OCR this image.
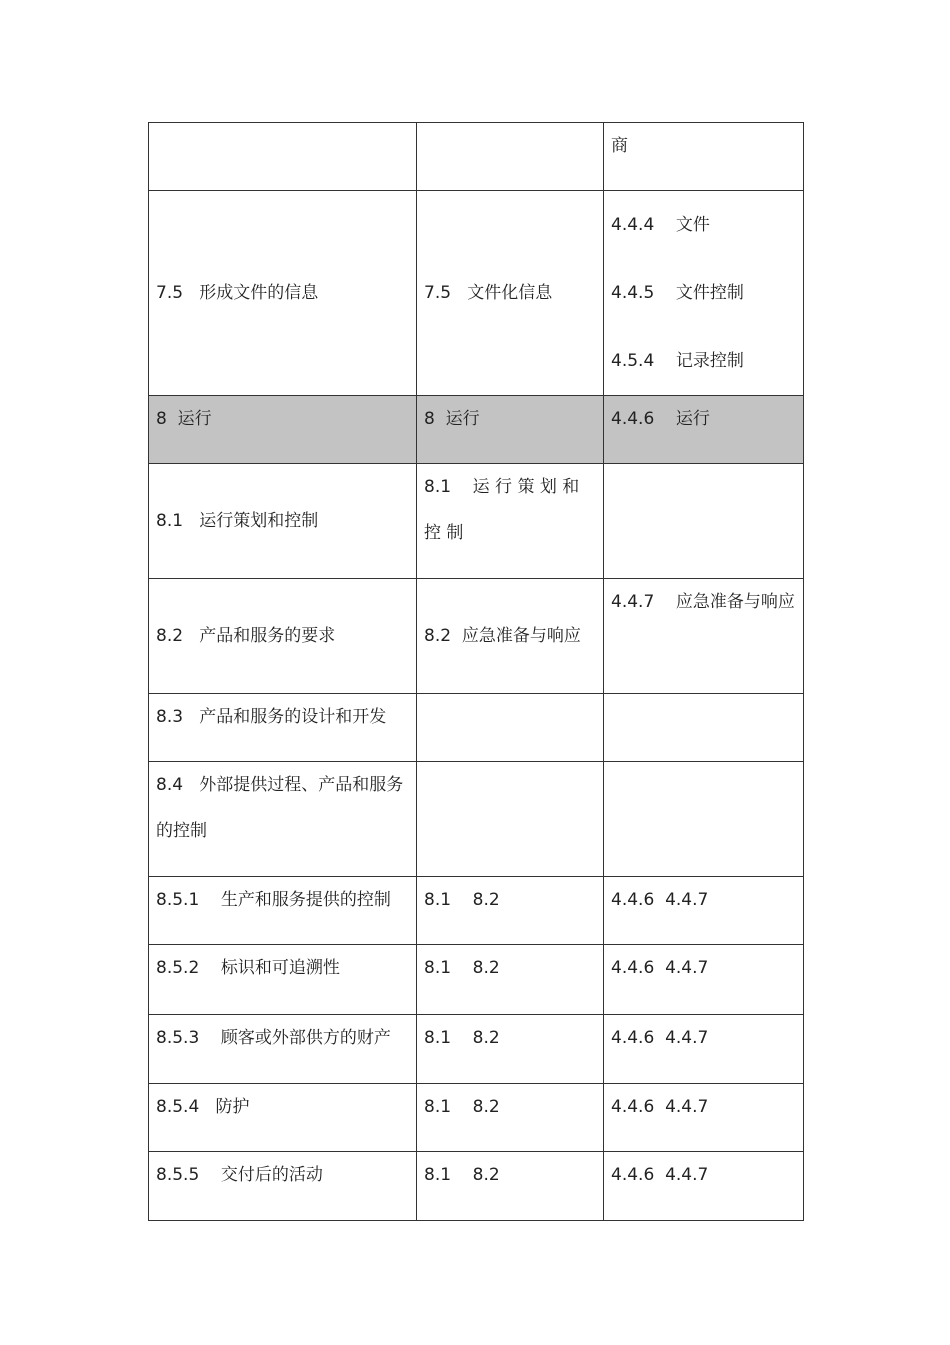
		商

7.5   形成文件的信息	7.5   文件化信息	4.4.4    文件
4.4.5    文件控制
4.5.4    记录控制

8  运行	8  运行	4.4.6    运行

8.1   运行策划和控制	8.1    运 行 策 划 和 控 制	

8.2   产品和服务的要求	8.2  应急准备与响应	4.4.7    应急准备与响应

8.3   产品和服务的设计和开发		

8.4   外部提供过程、产品和服务的控制		

8.5.1    生产和服务提供的控制	8.1    8.2	4.4.6  4.4.7

8.5.2    标识和可追溯性	8.1    8.2	4.4.6  4.4.7

8.5.3    顾客或外部供方的财产	8.1    8.2	4.4.6  4.4.7

8.5.4   防护	8.1    8.2	4.4.6  4.4.7

8.5.5    交付后的活动	8.1    8.2	4.4.6  4.4.7
